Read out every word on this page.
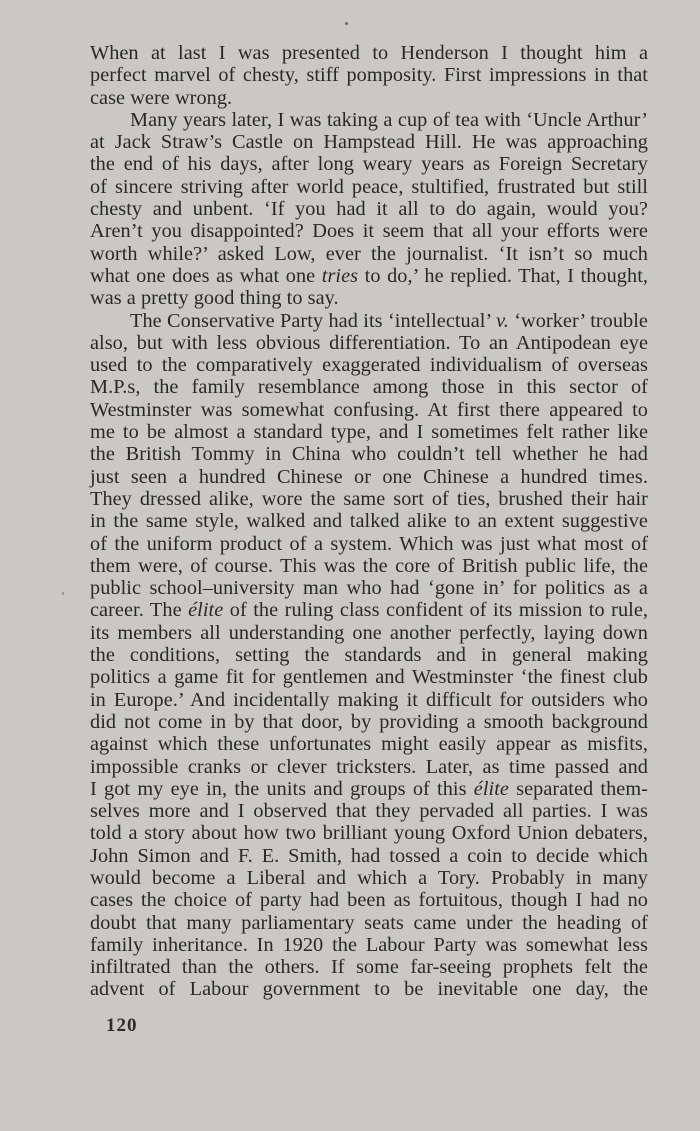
When at last I was presented to Henderson I thought him a
perfect marvel of chesty, stiff pomposity. First impressions in that
case were wrong.
Many years later, I was taking a cup of tea with ‘Uncle Arthur’
at Jack Straw’s Castle on Hampstead Hill. He was approaching
the end of his days, after long weary years as Foreign Secretary
of sincere striving after world peace, stultified, frustrated but still
chesty and unbent. ‘If you had it all to do again, would you?
Aren’t you disappointed? Does it seem that all your efforts were
worth while?’ asked Low, ever the journalist. ‘It isn’t so much
what one does as what one tries to do,’ he replied. That, I thought,
was a pretty good thing to say.
The Conservative Party had its ‘intellectual’ v. ‘worker’ trouble
also, but with less obvious differentiation. To an Antipodean eye
used to the comparatively exaggerated individualism of overseas
M.P.s, the family resemblance among those in this sector of
Westminster was somewhat confusing. At first there appeared to
me to be almost a standard type, and I sometimes felt rather like
the British Tommy in China who couldn’t tell whether he had
just seen a hundred Chinese or one Chinese a hundred times.
They dressed alike, wore the same sort of ties, brushed their hair
in the same style, walked and talked alike to an extent suggestive
of the uniform product of a system. Which was just what most of
them were, of course. This was the core of British public life, the
public school–university man who had ‘gone in’ for politics as a
career. The élite of the ruling class confident of its mission to rule,
its members all understanding one another perfectly, laying down
the conditions, setting the standards and in general making
politics a game fit for gentlemen and Westminster ‘the finest club
in Europe.’ And incidentally making it difficult for outsiders who
did not come in by that door, by providing a smooth background
against which these unfortunates might easily appear as misfits,
impossible cranks or clever tricksters. Later, as time passed and
I got my eye in, the units and groups of this élite separated them-
selves more and I observed that they pervaded all parties. I was
told a story about how two brilliant young Oxford Union debaters,
John Simon and F. E. Smith, had tossed a coin to decide which
would become a Liberal and which a Tory. Probably in many
cases the choice of party had been as fortuitous, though I had no
doubt that many parliamentary seats came under the heading of
family inheritance. In 1920 the Labour Party was somewhat less
infiltrated than the others. If some far-seeing prophets felt the
advent of Labour government to be inevitable one day, the
120
